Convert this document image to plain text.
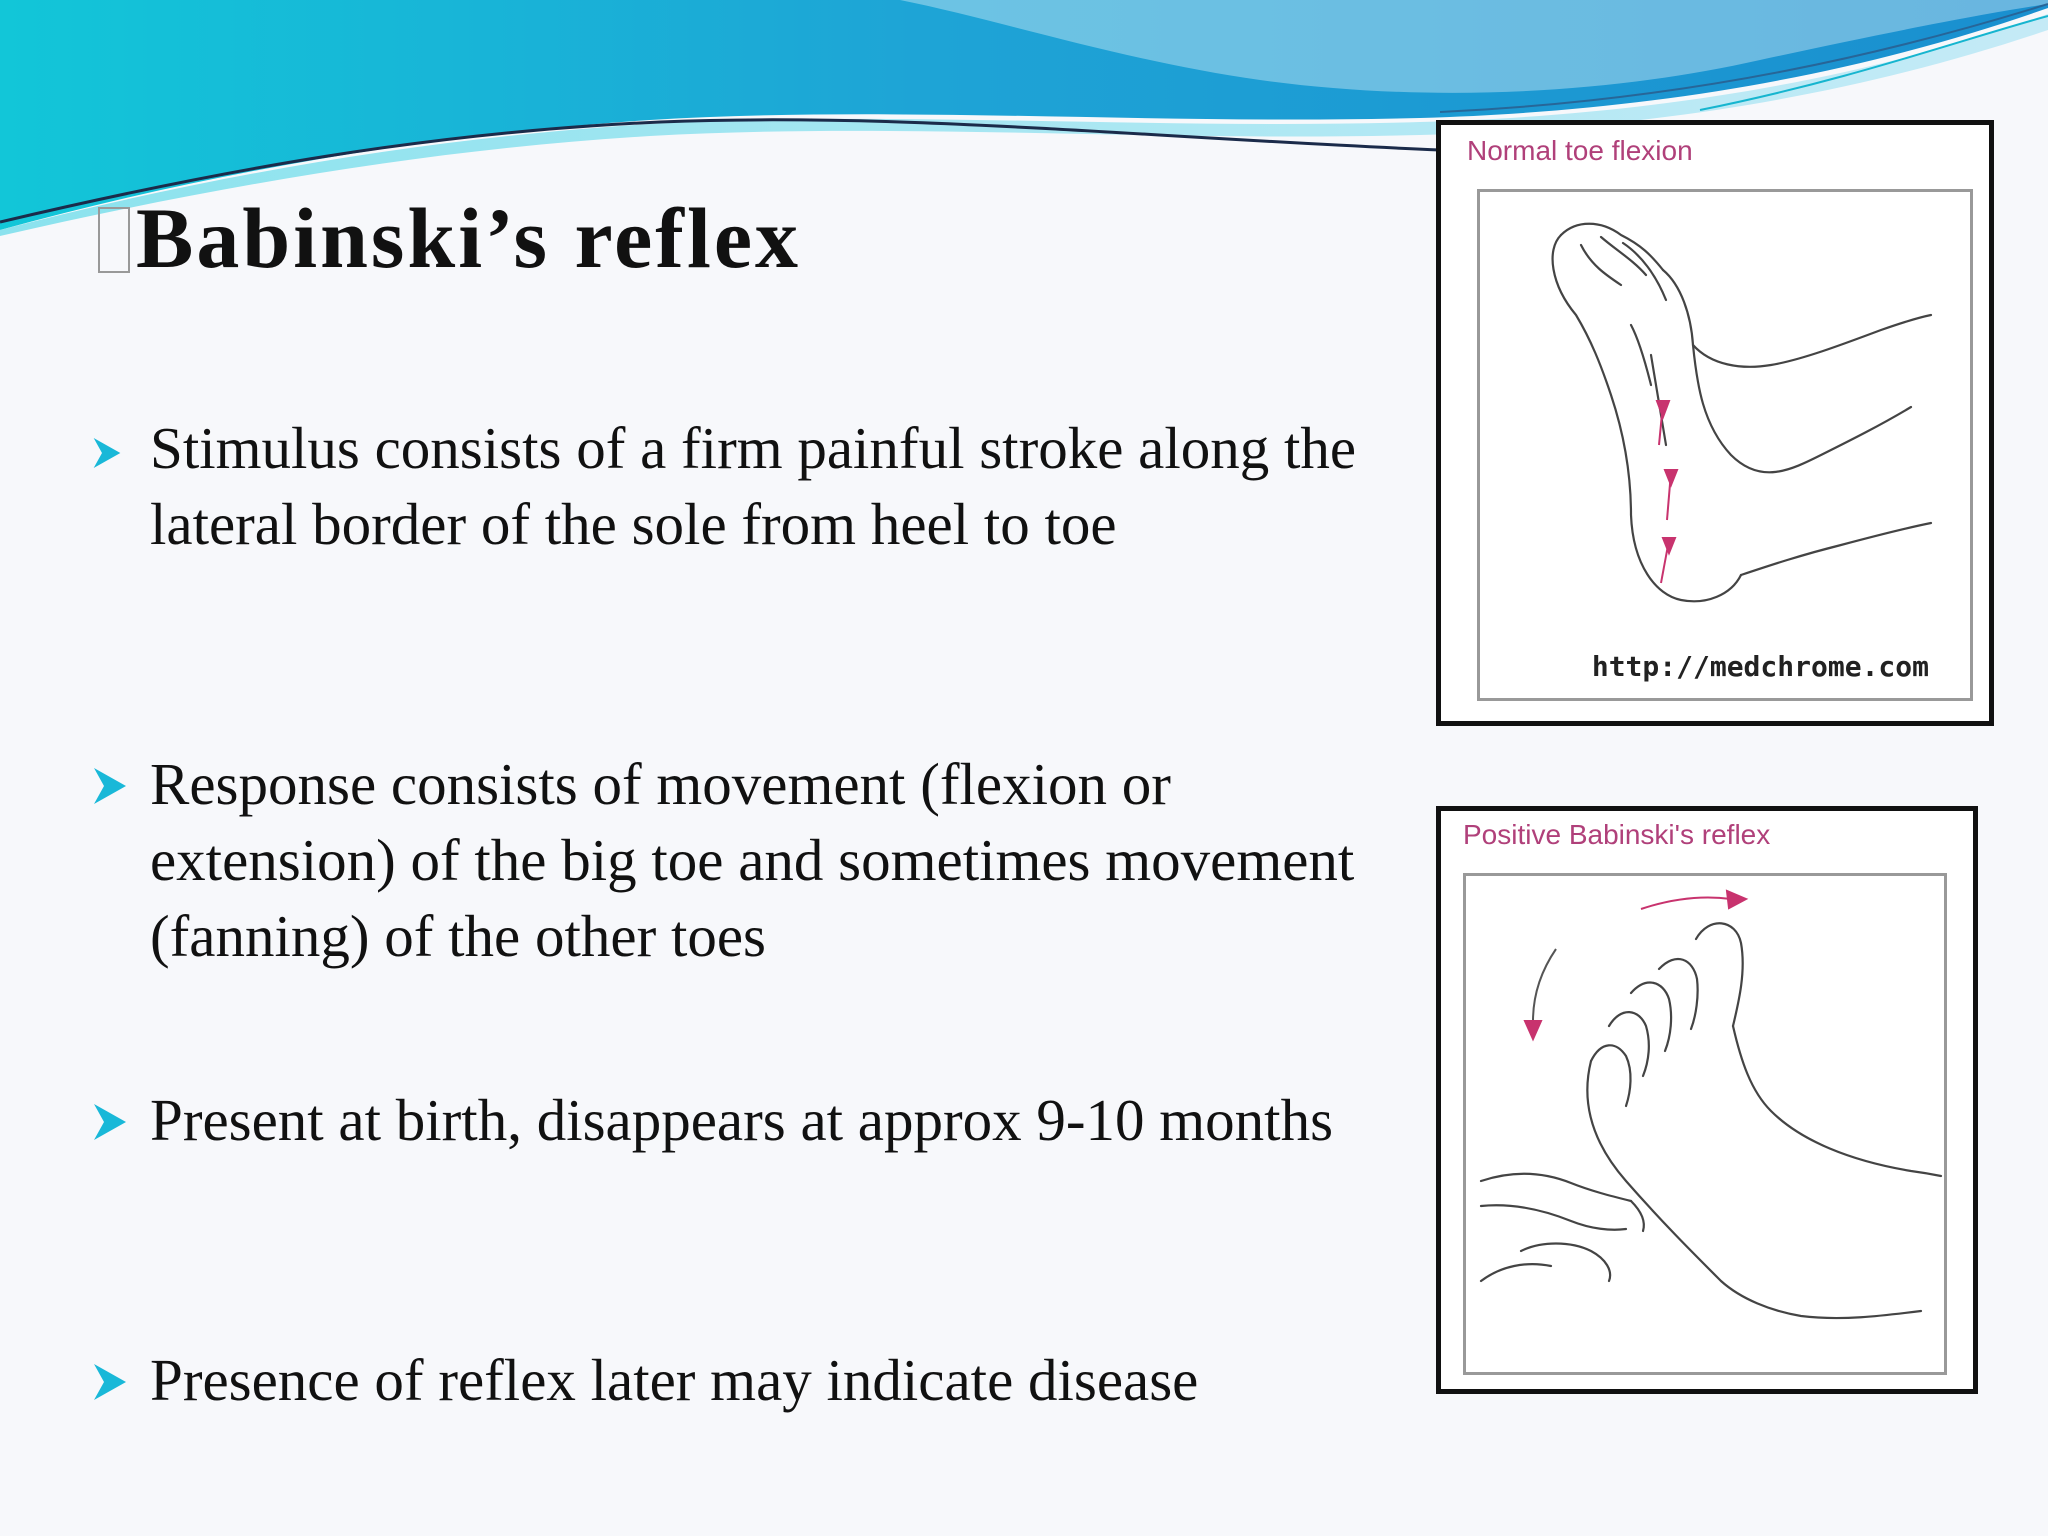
Babinski’s reflex
Stimulus consists of a firm painful stroke along the lateral border of the sole from heel to toe
Response consists of movement (flexion or extension) of the big toe and sometimes movement (fanning) of the other toes
Present at birth, disappears at approx 9-10 months
Presence of reflex later may indicate disease
Normal toe flexion
http://medchrome.com
Positive Babinski's reflex
